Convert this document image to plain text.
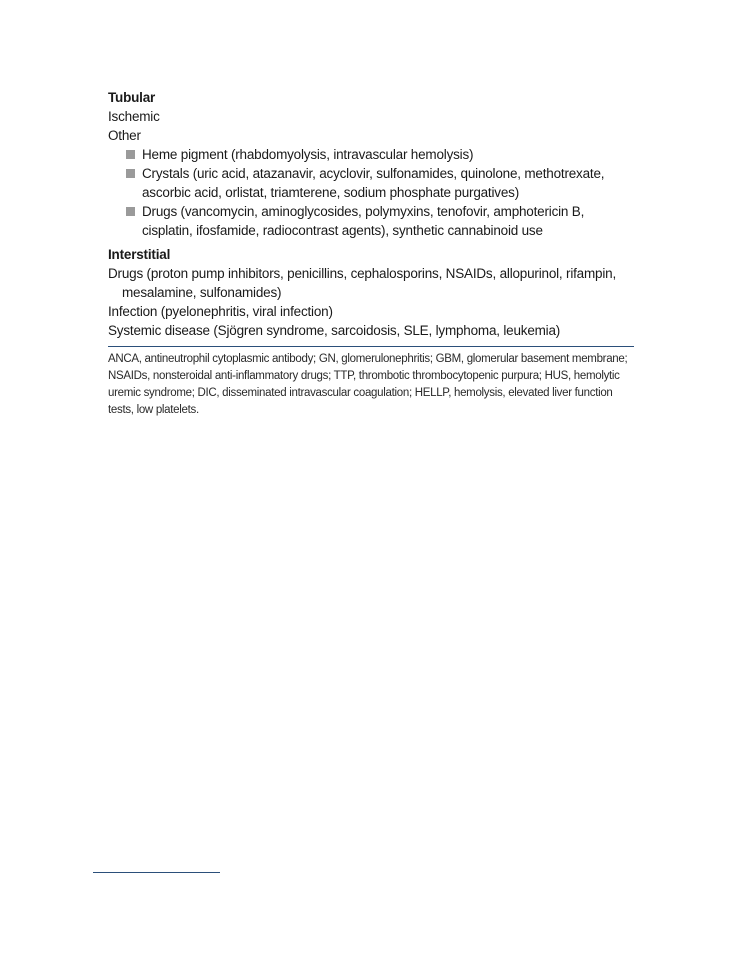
Tubular
Ischemic
Other
Heme pigment (rhabdomyolysis, intravascular hemolysis)
Crystals (uric acid, atazanavir, acyclovir, sulfonamides, quinolone, methotrexate, ascorbic acid, orlistat, triamterene, sodium phosphate purgatives)
Drugs (vancomycin, aminoglycosides, polymyxins, tenofovir, amphotericin B, cisplatin, ifosfamide, radiocontrast agents), synthetic cannabinoid use
Interstitial
Drugs (proton pump inhibitors, penicillins, cephalosporins, NSAIDs, allopurinol, rifampin, mesalamine, sulfonamides)
Infection (pyelonephritis, viral infection)
Systemic disease (Sjögren syndrome, sarcoidosis, SLE, lymphoma, leukemia)
ANCA, antineutrophil cytoplasmic antibody; GN, glomerulonephritis; GBM, glomerular basement membrane; NSAIDs, nonsteroidal anti-inflammatory drugs; TTP, thrombotic thrombocytopenic purpura; HUS, hemolytic uremic syndrome; DIC, disseminated intravascular coagulation; HELLP, hemolysis, elevated liver function tests, low platelets.
